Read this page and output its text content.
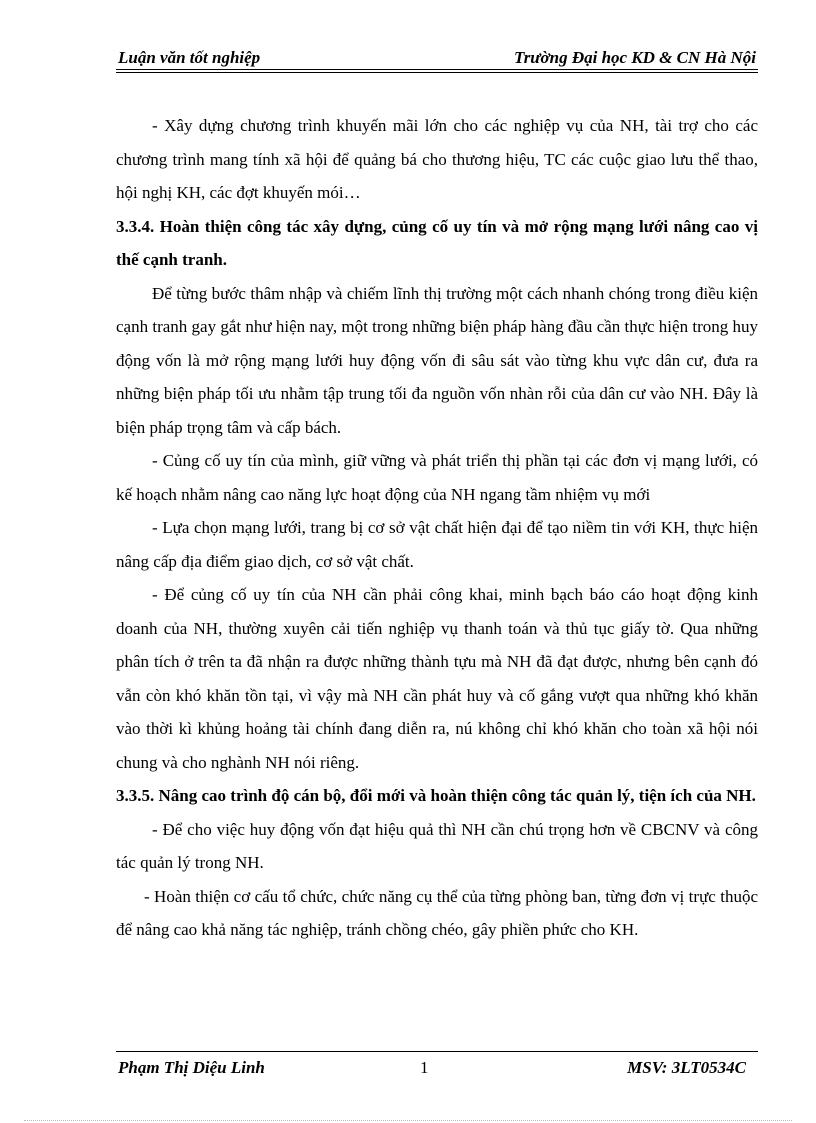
Luận văn tốt nghiệp	Trường Đại học KD & CN Hà Nội

- Xây dựng chương trình khuyến mãi lớn cho các nghiệp vụ của NH, tài trợ cho các chương trình mang tính xã hội để quảng bá cho thương hiệu, TC các cuộc giao lưu thể thao, hội nghị KH, các đợt khuyến mói…

3.3.4. Hoàn thiện công tác xây dựng, củng cố uy tín và mở rộng mạng lưới nâng cao vị thế cạnh tranh.

Để từng bước thâm nhập và chiếm lĩnh thị trường một cách nhanh chóng trong điều kiện cạnh tranh gay gắt như hiện nay, một trong những biện pháp hàng đầu cần thực hiện trong huy động vốn là mở rộng mạng lưới huy động vốn đi sâu sát vào từng khu vực dân cư, đưa ra những biện pháp tối ưu nhằm tập trung tối đa nguồn vốn nhàn rỗi của dân cư vào NH. Đây là biện pháp trọng tâm và cấp bách.

- Củng cố uy tín của mình, giữ vững và phát triển thị phần tại các đơn vị mạng lưới, có kế hoạch nhằm nâng cao năng lực hoạt động của NH ngang tầm nhiệm vụ mới

- Lựa chọn mạng lưới, trang bị cơ sở vật chất hiện đại để tạo niềm tin với KH, thực hiện nâng cấp địa điểm giao dịch, cơ sở vật chất.

- Để củng cố uy tín của NH cần phải công khai, minh bạch báo cáo hoạt động kinh doanh của NH, thường xuyên cải tiến nghiệp vụ thanh toán và thủ tục giấy tờ. Qua những phân tích ở trên ta đã nhận ra được những thành tựu mà NH đã đạt được, nhưng bên cạnh đó vẫn còn khó khăn tồn tại, vì vậy mà NH cần phát huy và cố gắng vượt qua những khó khăn vào thời kì khủng hoảng tài chính đang diễn ra, nú không chỉ khó khăn cho toàn xã hội nói chung và cho nghành NH nói riêng.

3.3.5. Nâng cao trình độ cán bộ, đổi mới và hoàn thiện công tác quản lý, tiện ích của NH.

- Để cho việc huy động vốn đạt hiệu quả thì NH cần chú trọng hơn về CBCNV và công tác quản lý trong NH.

- Hoàn thiện cơ cấu tổ chức, chức năng cụ thể của từng phòng ban, từng đơn vị trực thuộc để nâng cao khả năng tác nghiệp, tránh chồng chéo, gây phiền phức cho KH.

Phạm Thị Diệu Linh	1	MSV: 3LT0534C
